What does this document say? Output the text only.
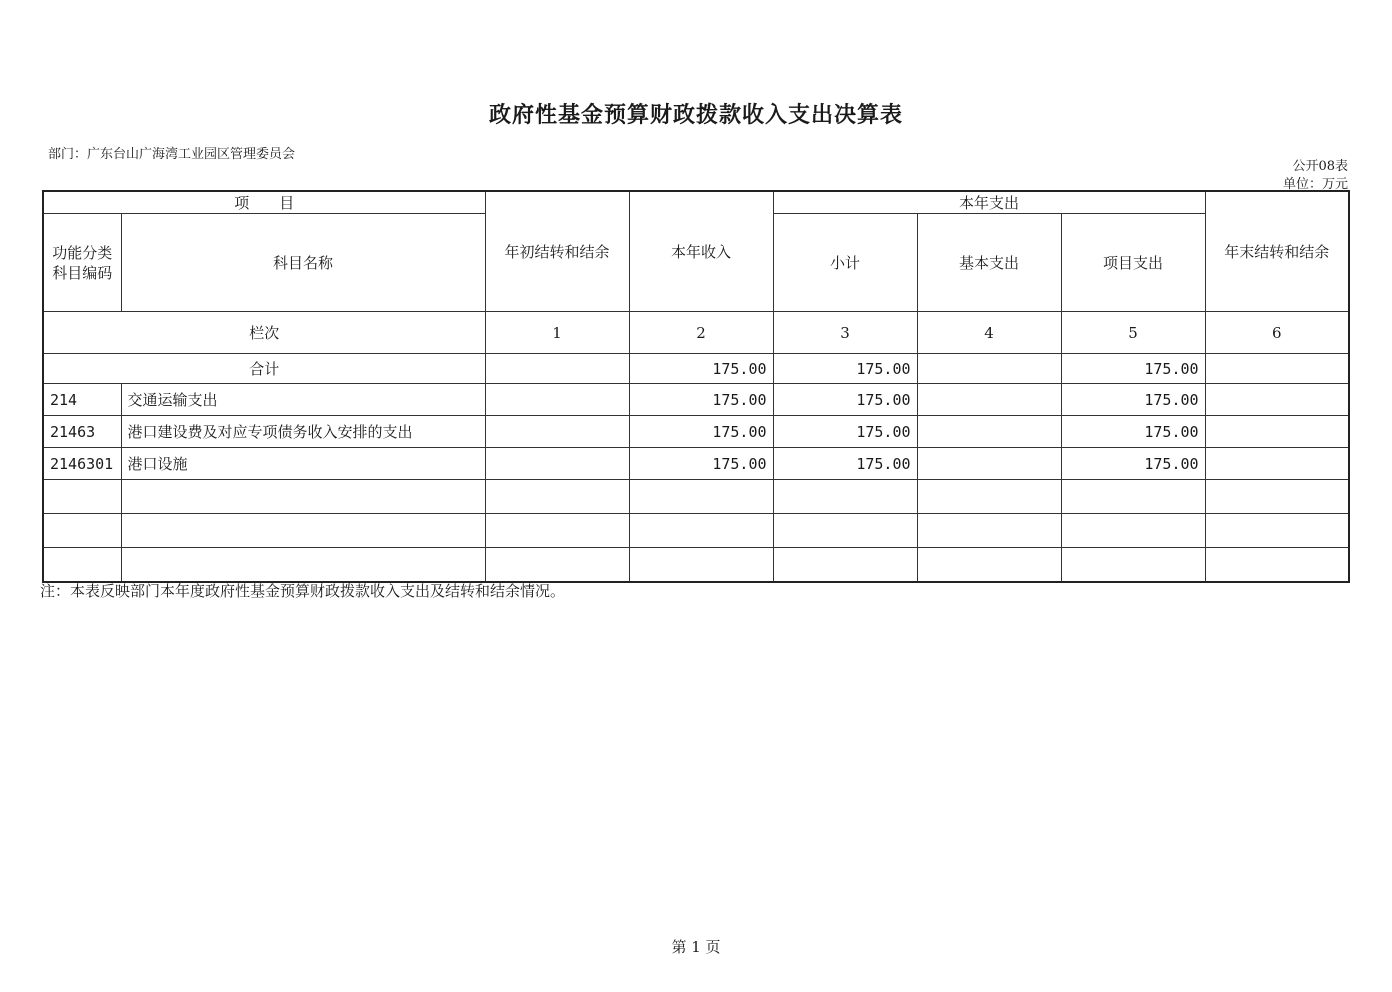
政府性基金预算财政拨款收入支出决算表
部门：广东台山广海湾工业园区管理委员会
公开08表
单位：万元
项　　目		年初结转和结余	本年收入	本年支出			年末结转和结余
功能分类
科目编码	科目名称			小计	基本支出	项目支出	

栏次		1	2	3	4	5	6
合计			175.00	175.00		175.00	
214	交通运输支出		175.00	175.00		175.00	
21463	港口建设费及对应专项债务收入安排的支出		175.00	175.00		175.00	
2146301	港口设施		175.00	175.00		175.00	

注：本表反映部门本年度政府性基金预算财政拨款收入支出及结转和结余情况。
第 1 页
